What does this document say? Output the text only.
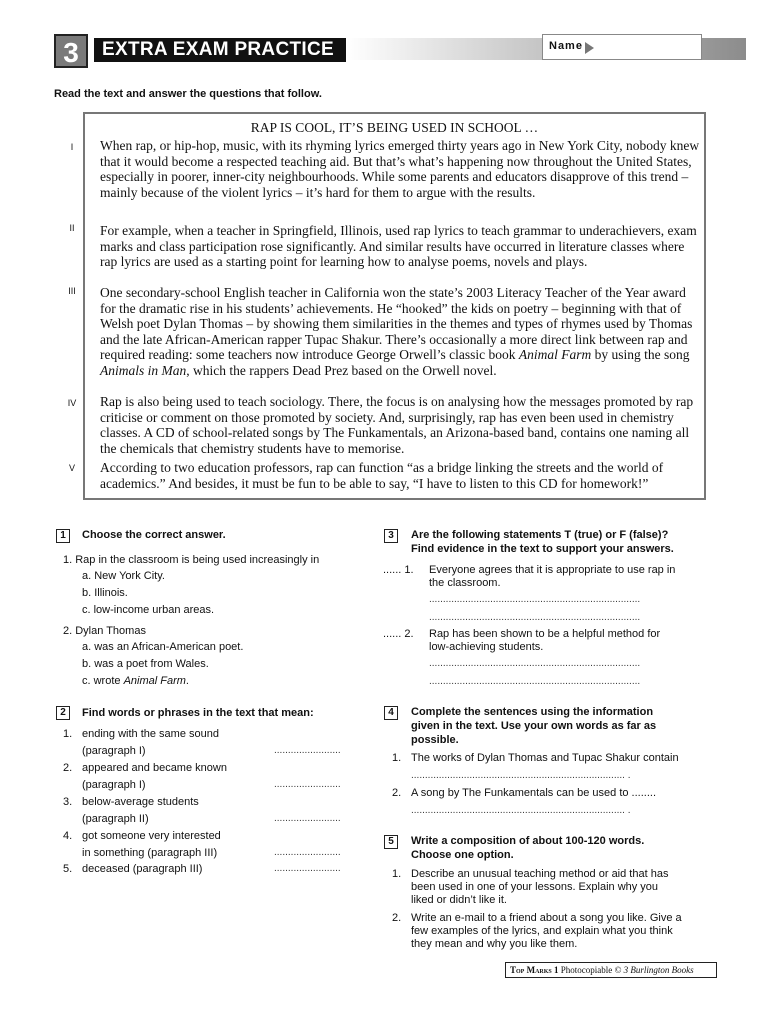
3	EXTRA EXAM PRACTICE	Name
Read the text and answer the questions that follow.
RAP IS COOL, IT’S BEING USED IN SCHOOL …
When rap, or hip-hop, music, with its rhyming lyrics emerged thirty years ago in New York City, nobody knew that it would become a respected teaching aid. But that’s what’s happening now throughout the United States, especially in poorer, inner-city neighbourhoods. While some parents and educators disapprove of this trend – mainly because of the violent lyrics – it’s hard for them to argue with the results.
For example, when a teacher in Springfield, Illinois, used rap lyrics to teach grammar to underachievers, exam marks and class participation rose significantly. And similar results have occurred in literature classes where rap lyrics are used as a starting point for learning how to analyse poems, novels and plays.
One secondary-school English teacher in California won the state’s 2003 Literacy Teacher of the Year award for the dramatic rise in his students’ achievements. He “hooked” the kids on poetry – beginning with that of Welsh poet Dylan Thomas – by showing them similarities in the themes and types of rhymes used by Thomas and the late African-American rapper Tupac Shakur. There’s occasionally a more direct link between rap and required reading: some teachers now introduce George Orwell’s classic book Animal Farm by using the song Animals in Man, which the rappers Dead Prez based on the Orwell novel.
Rap is also being used to teach sociology. There, the focus is on analysing how the messages promoted by rap criticise or comment on those promoted by society. And, surprisingly, rap has even been used in chemistry classes. A CD of school-related songs by The Funkamentals, an Arizona-based band, contains one naming all the chemicals that chemistry students have to memorise.
According to two education professors, rap can function “as a bridge linking the streets and the world of academics.” And besides, it must be fun to be able to say, “I have to listen to this CD for homework!”
I
II
III
IV
V
1	Choose the correct answer.
1. Rap in the classroom is being used increasingly in
a. New York City.
b. Illinois.
c. low-income urban areas.
2. Dylan Thomas
a. was an African-American poet.
b. was a poet from Wales.
c. wrote Animal Farm.
2	Find words or phrases in the text that mean:
1. ending with the same sound
(paragraph I)	........................
2. appeared and became known
(paragraph I)	........................
3. below-average students
(paragraph II)	........................
4. got someone very interested
in something (paragraph III)	........................
5. deceased (paragraph III)	........................
3	Are the following statements T (true) or F (false)?
Find evidence in the text to support your answers.
...... 1. Everyone agrees that it is appropriate to use rap in
the classroom.
............................................................................
............................................................................
...... 2. Rap has been shown to be a helpful method for
low-achieving students.
............................................................................
............................................................................
4	Complete the sentences using the information
given in the text. Use your own words as far as
possible.
1. The works of Dylan Thomas and Tupac Shakur contain
............................................................................. .
2. A song by The Funkamentals can be used to ........
............................................................................. .
5	Write a composition of about 100-120 words.
Choose one option.
1. Describe an unusual teaching method or aid that has
been used in one of your lessons. Explain why you
liked or didn’t like it.
2. Write an e-mail to a friend about a song you like. Give a
few examples of the lyrics, and explain what you think
they mean and why you like them.
Top Marks 1 Photocopiable © 3 Burlington Books
